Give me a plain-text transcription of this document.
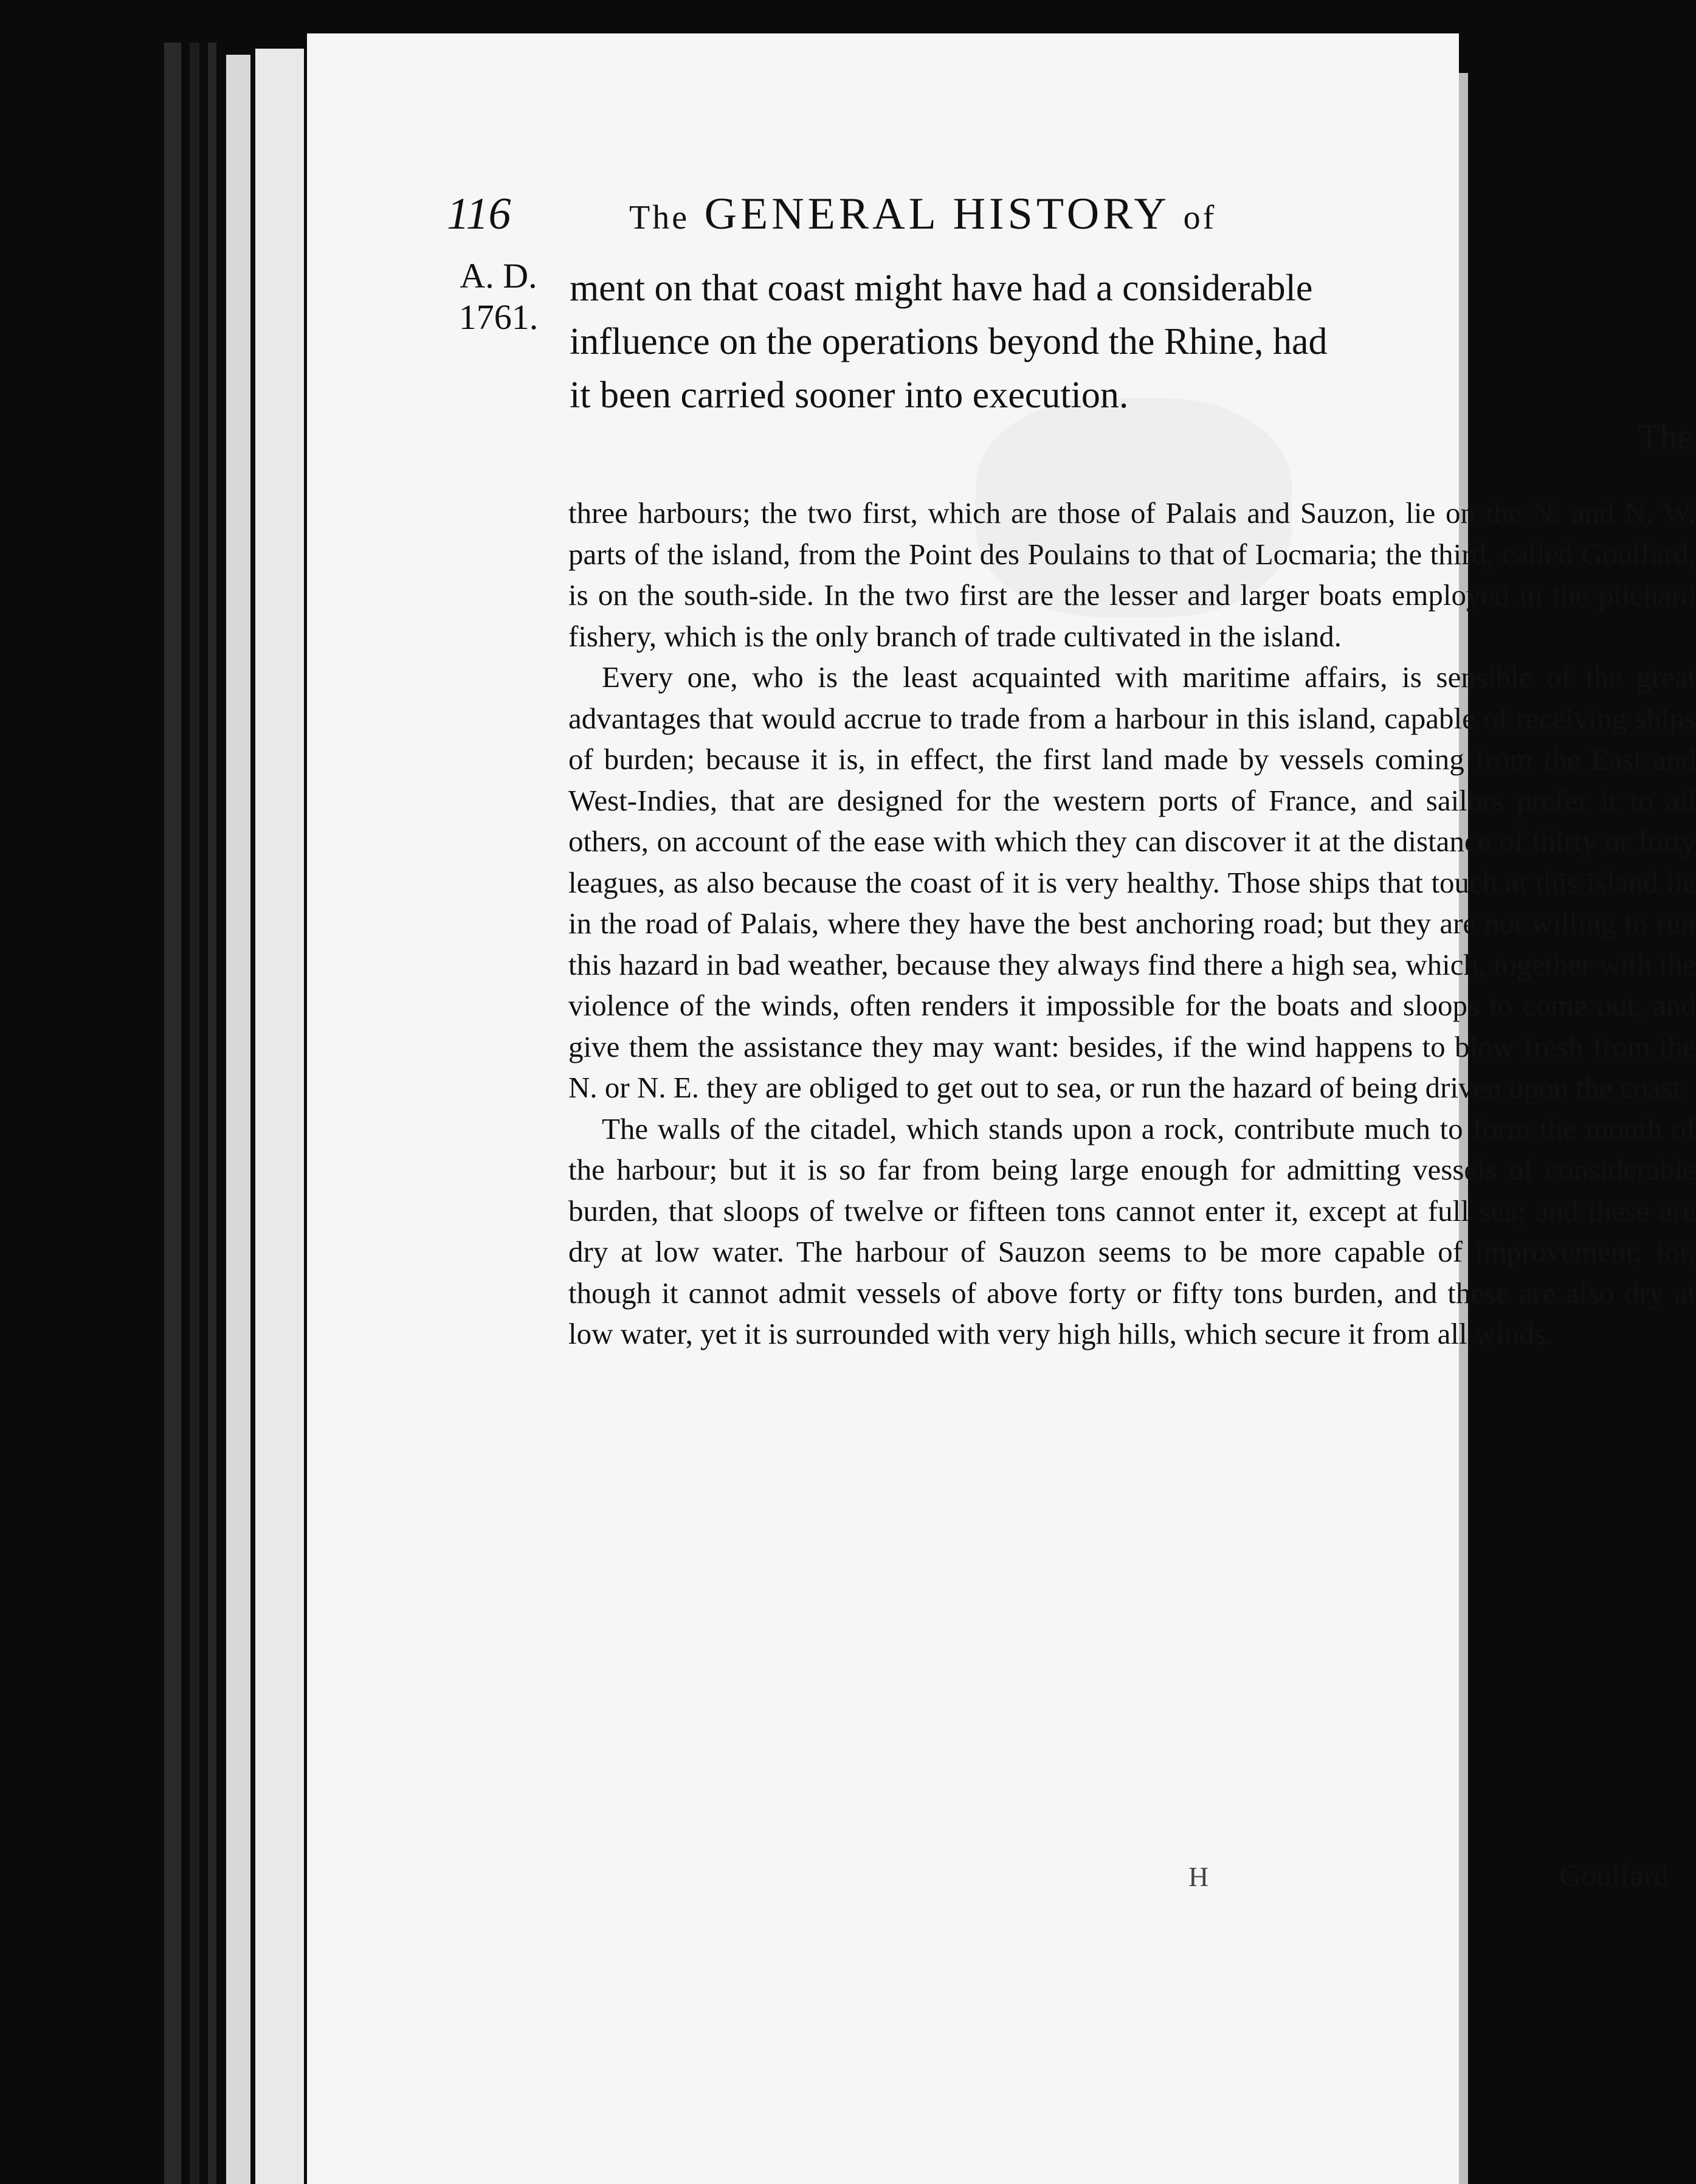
116	The GENERAL HISTORY of
A. D.
1761.
ment on that coast might have had a considerable
influence on the operations beyond the Rhine, had
it been carried sooner into execution.
The

three harbours; the two first, which are those of Palais and Sauzon, lie on the N. and N. W. parts of the island, from the Point des Poulains to that of Locmaria; the third, called Goulfard, is on the south-side. In the two first are the lesser and larger boats employed in the pilchard fishery, which is the only branch of trade cultivated in the island.

Every one, who is the least acquainted with maritime affairs, is sensible of the great advantages that would accrue to trade from a harbour in this island, capable of receiving ships of burden; because it is, in effect, the first land made by vessels coming from the East and West-Indies, that are designed for the western ports of France, and sailors prefer it to all others, on account of the ease with which they can discover it at the distance of thirty or forty leagues, as also because the coast of it is very healthy. Those ships that touch at this island lie in the road of Palais, where they have the best anchoring road; but they are not willing to run this hazard in bad weather, because they always find there a high sea, which, together with the violence of the winds, often renders it impossible for the boats and sloops to come out, and give them the assistance they may want: besides, if the wind happens to blow fresh from the N. or N. E. they are obliged to get out to sea, or run the hazard of being driven upon the coast.

The walls of the citadel, which stands upon a rock, contribute much to form the mouth of the harbour; but it is so far from being large enough for admitting vessels of considerable burden, that sloops of twelve or fifteen tons cannot enter it, except at full sea; and these are dry at low water. The harbour of Sauzon seems to be more capable of improvement; for, though it cannot admit vessels of above forty or fifty tons burden, and these are also dry at low water, yet it is surrounded with very high hills, which secure it from all winds.

H	Goulfard
